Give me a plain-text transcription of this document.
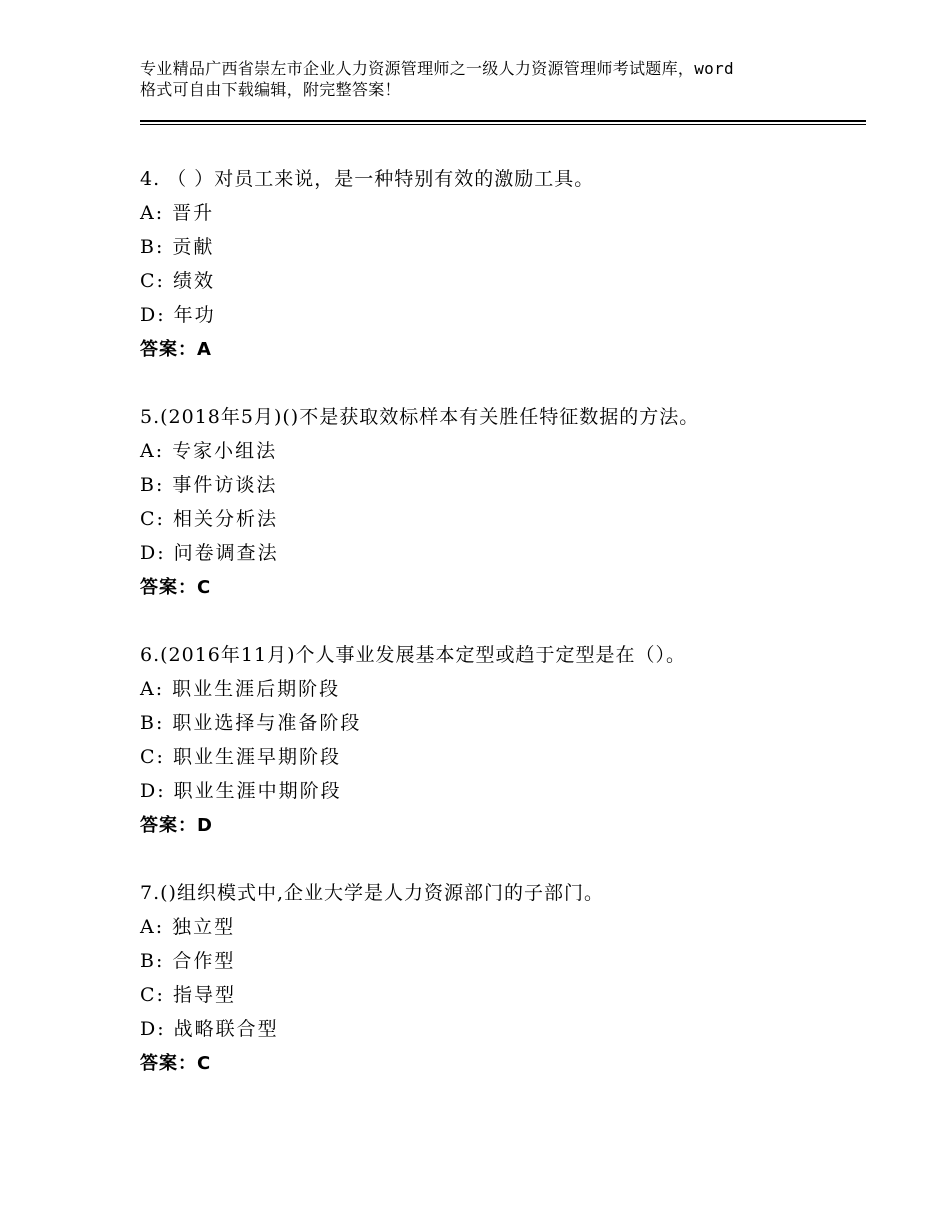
专业精品广西省崇左市企业人力资源管理师之一级人力资源管理师考试题库，word
格式可自由下载编辑，附完整答案！
4. （ ）对员工来说，是一种特别有效的激励工具。
A: 晋升
B: 贡献
C: 绩效
D: 年功
答案：A
5.(2018年5月)()不是获取效标样本有关胜任特征数据的方法。
A: 专家小组法
B: 事件访谈法
C: 相关分析法
D: 问卷调查法
答案：C
6.(2016年11月)个人事业发展基本定型或趋于定型是在（）。
A: 职业生涯后期阶段
B: 职业选择与准备阶段
C: 职业生涯早期阶段
D: 职业生涯中期阶段
答案：D
7.()组织模式中,企业大学是人力资源部门的子部门。
A: 独立型
B: 合作型
C: 指导型
D: 战略联合型
答案：C
